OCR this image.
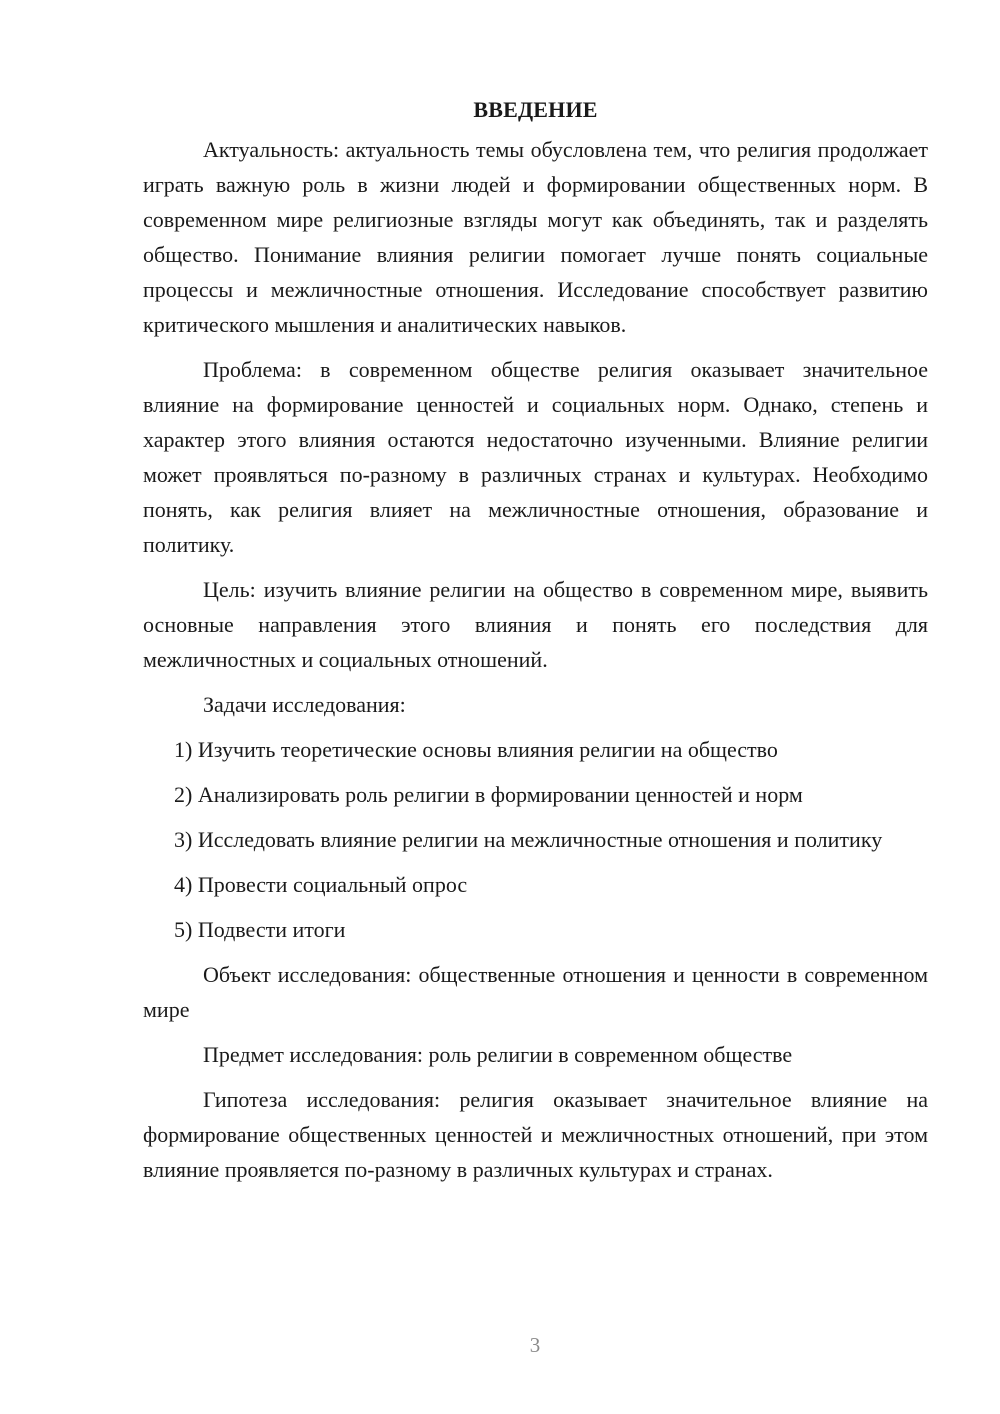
ВВЕДЕНИЕ

Актуальность: актуальность темы обусловлена тем, что религия продолжает играть важную роль в жизни людей и формировании общественных норм. В современном мире религиозные взгляды могут как объединять, так и разделять общество. Понимание влияния религии помогает лучше понять социальные процессы и межличностные отношения. Исследование способствует развитию критического мышления и аналитических навыков.

Проблема: в современном обществе религия оказывает значительное влияние на формирование ценностей и социальных норм. Однако, степень и характер этого влияния остаются недостаточно изученными. Влияние религии может проявляться по-разному в различных странах и культурах. Необходимо понять, как религия влияет на межличностные отношения, образование и политику.

Цель: изучить влияние религии на общество в современном мире, выявить основные направления этого влияния и понять его последствия для межличностных и социальных отношений.

Задачи исследования:

1) Изучить теоретические основы влияния религии на общество

2) Анализировать роль религии в формировании ценностей и норм

3) Исследовать влияние религии на межличностные отношения и политику

4) Провести социальный опрос

5) Подвести итоги

Объект исследования: общественные отношения и ценности в современном мире

Предмет исследования: роль религии в современном обществе

Гипотеза исследования: религия оказывает значительное влияние на формирование общественных ценностей и межличностных отношений, при этом влияние проявляется по-разному в различных культурах и странах.

3
